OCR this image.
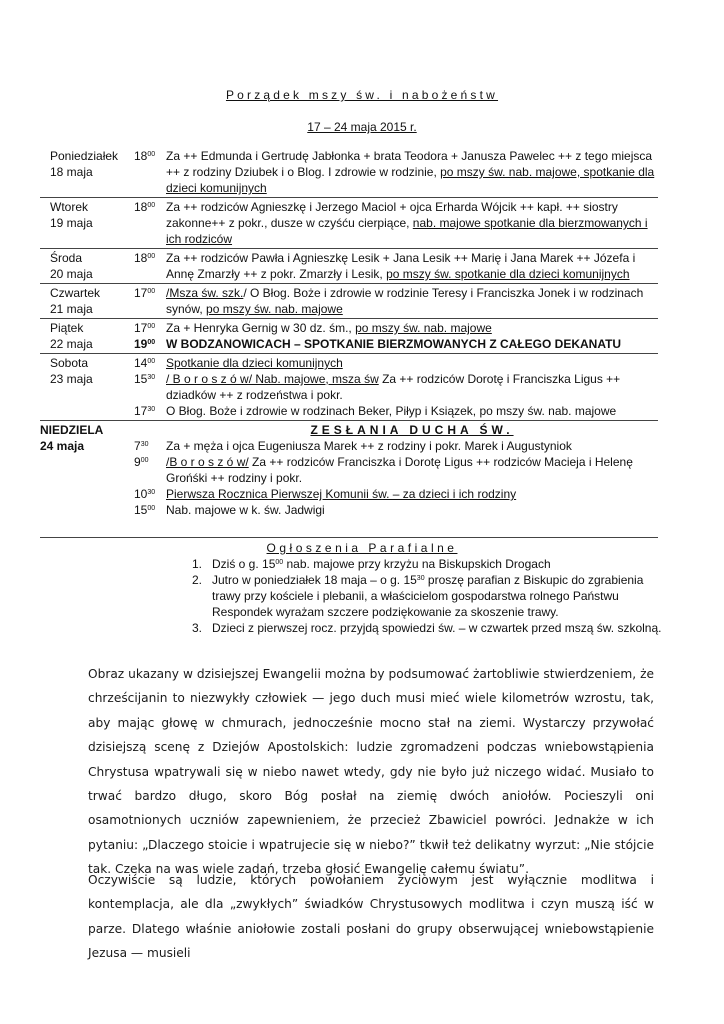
Porządek mszy św. i nabożeństw
17 – 24 maja 2015 r.
Poniedziałek
18 maja
$18^{00}$ Za ++ Edmunda i Gertrudę Jabłonka + brata Teodora + Janusza Pawelec ++ z tego miejsca ++ z rodziny Dziubek i o Blog. I zdrowie w rodzinie, po mszy św. nab. majowe, spotkanie dla dzieci komunijnych
Wtorek
19 maja
$18^{00}$ Za ++ rodziców Agnieszkę i Jerzego Maciol + ojca Erharda Wójcik ++ kapł. ++ siostry zakonne++ z pokr., dusze w czyśću cierpiące, nab. majowe spotkanie dla bierzmowanych i ich rodziców
Środa
20 maja
$18^{00}$ Za ++ rodziców Pawła i Agnieszkę Lesik + Jana Lesik ++ Marię i Jana Marek ++ Józefa i Annę Zmarzły ++ z pokr. Zmarzły i Lesik, po mszy św. spotkanie dla dzieci komunijnych
Czwartek
21 maja
$17^{00}$ /Msza św. szk./ O Błog. Boże i zdrowie w rodzinie Teresy i Franciszka Jonek i w rodzinach synów, po mszy św. nab. majowe
Piątek
22 maja
$17^{00}$
$19^{00}$
Za + Henryka Gernig w 30 dz. śm., po mszy św. nab. majowe
W BODZANOWICACH – SPOTKANIE BIERZMOWANYCH Z CAŁEGO DEKANATU
Sobota
23 maja
$14^{00}$
$15^{30}$
$17^{30}$
Spotkanie dla dzieci komunijnych
/ B o r o s z ó w/ Nab. majowe, msza św Za ++ rodziców Dorotę i Franciszka Ligus ++ dziadków ++ z rodzeństwa i pokr.
O Błog. Boże i zdrowie w rodzinach Beker, Piłyp i Ksiązek, po mszy św. nab. majowe
NIEDZIELA
24 maja
	$7^{30}$
$9^{00}$
$10^{30}$
$15^{00}$
ZESŁANIA DUCHA ŚW.
Za + męża i ojca Eugeniusza Marek ++ z rodziny i pokr. Marek i Augustyniok
/B o r o s z ó w/ Za ++ rodziców Franciszka i Dorotę Ligus ++ rodziców Macieja i Helenę Grońśki ++ rodziny i pokr.
Pierwsza Rocznica Pierwszej Komunii św. – za dzieci i ich rodziny
Nab. majowe w k. św. Jadwigi
Ogłoszenia Parafialne
1. Dziś o g. $15^{00}$ nab. majowe przy krzyżu na Biskupskich Drogach
2. Jutro w poniedziałek 18 maja – o g. $15^{30}$ proszę parafian z Biskupic do zgrabienia trawy przy kościele i plebanii, a właścicielom gospodarstwa rolnego Państwu Respondek wyrażam szczere podziękowanie za skoszenie trawy.
3. Dzieci z pierwszej rocz. przyjdą spowiedzi św. – w czwartek przed mszą św. szkolną.
Obraz ukazany w dzisiejszej Ewangelii można by podsumować żartobliwie stwierdzeniem, że chrześcijanin to niezwykły człowiek — jego duch musi mieć wiele kilometrów wzrostu, tak, aby mając głowę w chmurach, jednocześnie mocno stał na ziemi. Wystarczy przywołać dzisiejszą scenę z Dziejów Apostolskich: ludzie zgromadzeni podczas wniebowstąpienia Chrystusa wpatrywali się w niebo nawet wtedy, gdy nie było już niczego widać. Musiało to trwać bardzo długo, skoro Bóg posłał na ziemię dwóch aniołów. Pocieszyli oni osamotnionych uczniów zapewnieniem, że przecież Zbawiciel powróci. Jednakże w ich pytaniu: „Dlaczego stoicie i wpatrujecie się w niebo?” tkwił też delikatny wyrzut: „Nie stójcie tak. Czeka na was wiele zadań, trzeba głosić Ewangelię całemu światu”.
Oczywiście są ludzie, których powołaniem życiowym jest wyłącznie modlitwa i kontemplacja, ale dla „zwykłych” świadków Chrystusowych modlitwa i czyn muszą iść w parze. Dlatego właśnie aniołowie zostali posłani do grupy obserwującej wniebowstąpienie Jezusa — musieli
